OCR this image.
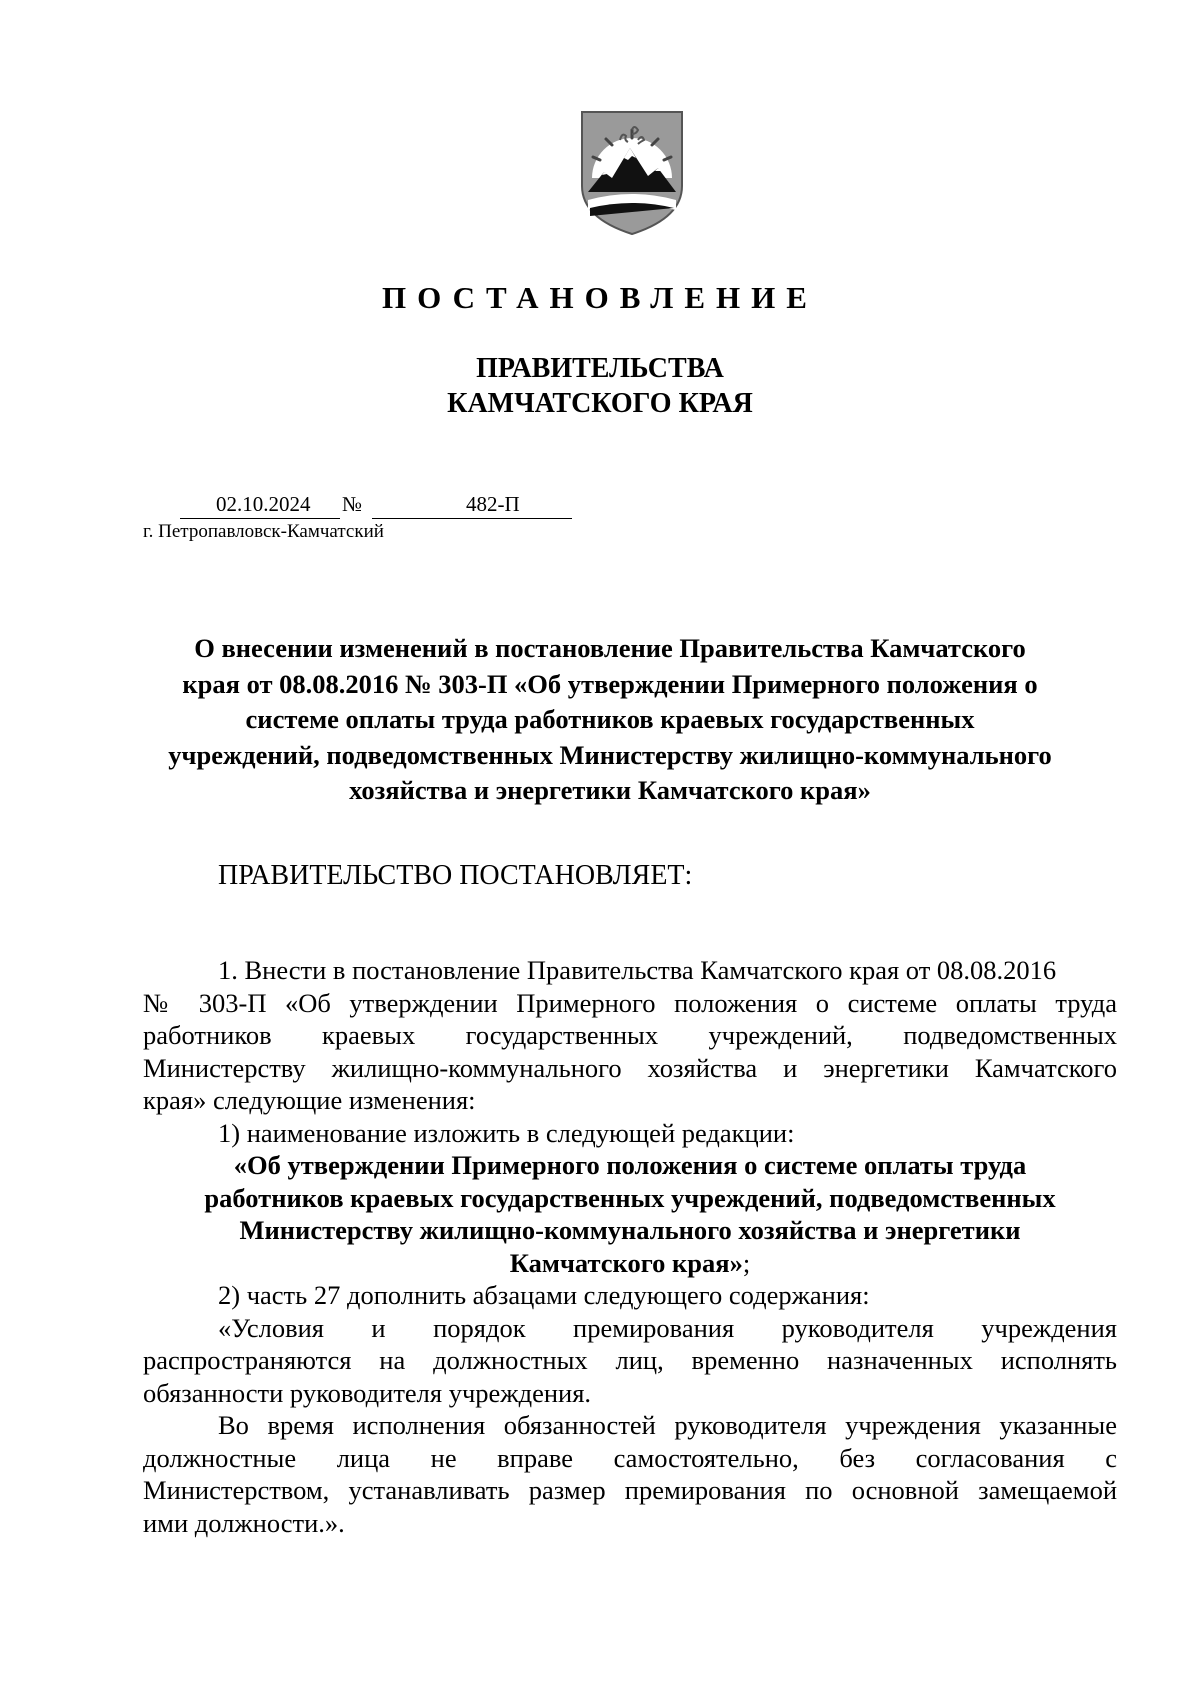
ПОСТАНОВЛЕНИЕ
ПРАВИТЕЛЬСТВА
КАМЧАТСКОГО КРАЯ
02.10.2024 №	482-П
г. Петропавловск-Камчатский
О внесении изменений в постановление Правительства Камчатского
края от 08.08.2016 № 303-П «Об утверждении Примерного положения о
системе оплаты труда работников краевых государственных
учреждений, подведомственных Министерству жилищно-коммунального
хозяйства и энергетики Камчатского края»
ПРАВИТЕЛЬСТВО ПОСТАНОВЛЯЕТ:
1. Внести в постановление Правительства Камчатского края от 08.08.2016
№ 303-П «Об утверждении Примерного положения о системе оплаты труда
работников краевых государственных учреждений, подведомственных
Министерству жилищно-коммунального хозяйства и энергетики Камчатского
края» следующие изменения:
1) наименование изложить в следующей редакции:
«Об утверждении Примерного положения о системе оплаты труда
работников краевых государственных учреждений, подведомственных
Министерству жилищно-коммунального хозяйства и энергетики
Камчатского края»;
2) часть 27 дополнить абзацами следующего содержания:
«Условия и порядок премирования руководителя учреждения
распространяются на должностных лиц, временно назначенных исполнять
обязанности руководителя учреждения.
Во время исполнения обязанностей руководителя учреждения указанные
должностные лица не вправе самостоятельно, без согласования с
Министерством, устанавливать размер премирования по основной замещаемой
ими должности.».
